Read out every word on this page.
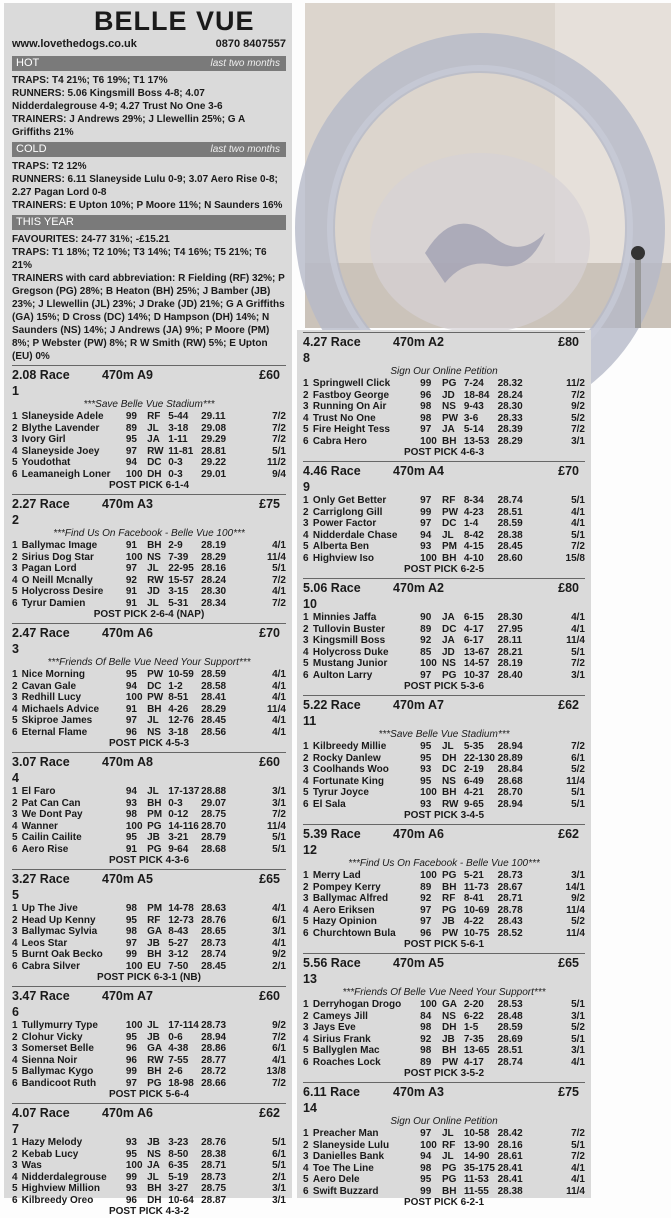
BELLE VUE
www.lovethedogs.co.uk	0870 8407557
HOT	last two months
TRAPS: T4 21%; T6 19%; T1 17%
RUNNERS: 5.06 Kingsmill Boss 4-8; 4.07 Nidderdalegrouse 4-9; 4.27 Trust No One 3-6
TRAINERS: J Andrews 29%; J Llewellin 25%; G A Griffiths 21%
COLD	last two months
TRAPS: T2 12%
RUNNERS: 6.11 Slaneyside Lulu 0-9; 3.07 Aero Rise 0-8; 2.27 Pagan Lord 0-8
TRAINERS: E Upton 10%; P Moore 11%; N Saunders 16%
THIS YEAR
FAVOURITES: 24-77 31%; -£15.21
TRAPS: T1 18%; T2 10%; T3 14%; T4 16%; T5 21%; T6 21%
TRAINERS with card abbreviation: R Fielding (RF) 32%; P Gregson (PG) 28%; B Heaton (BH) 25%; J Bamber (JB) 23%; J Llewellin (JL) 23%; J Drake (JD) 21%; G A Griffiths (GA) 15%; D Cross (DC) 14%; D Hampson (DH) 14%; N Saunders (NS) 14%; J Andrews (JA) 9%; P Moore (PM) 8%; P Webster (PW) 8%; R W Smith (RW) 5%; E Upton (EU) 0%
2.08 Race 1
470m A9	£60
***Save Belle Vue Stadium***
1 Slaneyside Adele	99	RF 5-44	29.11	7/2
2 Blythe Lavender	89	JL 3-18	29.08	7/2
3 Ivory Girl	95	JA 1-11	29.29	7/2
4 Slaneyside Joey	97	RW 11-81 28.81	5/1
5 Youdothat	94	DC 0-3	29.22	11/2
6 Leamaneigh Loner	100 DH 0-3	29.01	9/4
POST PICK 6-1-4
2.27 Race 2
470m A3	£75
***Find Us On Facebook - Belle Vue 100***
1 Ballymac Image	91	BH 2-9	28.19	4/1
2 Sirius Dog Star	100 NS 7-39	28.29	11/4
3 Pagan Lord	97	JL 22-95 28.16	5/1
4 O Neill Mcnally	92	RW 15-57 28.24	7/2
5 Holycross Desire	91	JD 3-15	28.30	4/1
6 Tyrur Damien	91	JL 5-31	28.34	7/2
POST PICK 2-6-4 (NAP)
2.47 Race 3
470m A6	£70
***Friends Of Belle Vue Need Your Support***
1 Nice Morning	95	PW 10-59 28.59	4/1
2 Cavan Gale	94	DC 1-2	28.58	4/1
3 Redhill Lucy	100 PW 8-51	28.41	4/1
4 Michaels Advice	91	BH 4-26	28.29	11/4
5 Skiproe James	97	JL 12-76 28.45	4/1
6 Eternal Flame	96	NS 3-18	28.56	4/1
POST PICK 4-5-3
3.07 Race 4
470m A8	£60
1 El Faro	94	JL 17-137 28.88	3/1
2 Pat Can Can	93	BH 0-3	29.07	3/1
3 We Dont Pay	98	PM 0-12	28.75	7/2
4 Wanner	100 PG 14-116 28.70	11/4
5 Cailin Cailite	95	JB 3-21	28.79	5/1
6 Aero Rise	91	PG 9-64	28.68	5/1
POST PICK 4-3-6
3.27 Race 5
470m A5	£65
1 Up The Jive	98	PM 14-78 28.63	4/1
2 Head Up Kenny	95	RF 12-73 28.76	6/1
3 Ballymac Sylvia	98	GA 8-43	28.65	3/1
4 Leos Star	97	JB 5-27	28.73	4/1
5 Burnt Oak Becko	99	BH 3-12	28.74	9/2
6 Cabra Silver	100 EU 7-50	28.45	2/1
POST PICK 6-3-1 (NB)
3.47 Race 6
470m A7	£60
1 Tullymurry Type	100 JL 17-114 28.73	9/2
2 Clohur Vicky	95	JB 0-6	28.94	7/2
3 Somerset Belle	96	GA 4-38	28.86	6/1
4 Sienna Noir	96	RW 7-55	28.77	4/1
5 Ballymac Kygo	99	BH 2-6	28.72	13/8
6 Bandicoot Ruth	97	PG 18-98 28.66	7/2
POST PICK 5-6-4
4.07 Race 7
470m A6	£62
1 Hazy Melody	93	JB 3-23	28.76	5/1
2 Kebab Lucy	95	NS 8-50	28.38	6/1
3 Was	100 JA 6-35	28.71	5/1
4 Nidderdalegrouse	99	JL 5-19	28.73	2/1
5 Highview Million	93	BH 3-27	28.75	3/1
6 Kilbreedy Oreo	96	DH 10-64 28.87	3/1
POST PICK 4-3-2
4.27 Race 8
470m A2	£80
Sign Our Online Petition
1 Springwell Click	99	PG 7-24	28.32	11/2
2 Fastboy George	96	JD 18-84 28.24	7/2
3 Running On Air	98	NS 9-43	28.30	9/2
4 Trust No One	98	PW 3-6	28.33	5/2
5 Fire Height Tess	97	JA 5-14	28.39	7/2
6 Cabra Hero	100 BH 13-53 28.29	3/1
POST PICK 4-6-3
4.46 Race 9
470m A4	£70
1 Only Get Better	97	RF 8-34	28.74	5/1
2 Carriglong Gill	99	PW 4-23	28.51	4/1
3 Power Factor	97	DC 1-4	28.59	4/1
4 Nidderdale Chase	94	JL	8-42	28.38	5/1
5 Alberta Ben	93	PM 4-15	28.45	7/2
6 Highview Iso	100 BH 4-10	28.60	15/8
POST PICK 6-2-5
5.06 Race 10
470m A2	£80
1 Minnies Jaffa	90	JA 6-15	28.30	4/1
2 Tullovin Buster	89	DC 4-17	27.95	4/1
3 Kingsmill Boss	92	JA 6-17	28.11	11/4
4 Holycross Duke	85	JD 13-67 28.21	5/1
5 Mustang Junior	100 NS 14-57 28.19	7/2
6 Aulton Larry	97	PG 10-37 28.40	3/1
POST PICK 5-3-6
5.22 Race 11
470m A7	£62
***Save Belle Vue Stadium***
1 Kilbreedy Millie	95	JL	5-35	28.94	7/2
2 Rocky Danlew	95	DH 22-130 28.89	6/1
3 Coolhands Woo	93	DC 2-19	28.84	5/2
4 Fortunate King	95	NS 6-49	28.68	11/4
5 Tyrur Joyce	100 BH 4-21	28.70	5/1
6 El Sala	93	RW 9-65	28.94	5/1
POST PICK 3-4-5
5.39 Race 12
470m A6	£62
***Find Us On Facebook - Belle Vue 100***
1 Merry Lad	100 PG 5-21	28.73	3/1
2 Pompey Kerry	89	BH 11-73 28.67	14/1
3 Ballymac Alfred	92	RF 8-41	28.71	9/2
4 Aero Eriksen	97	PG 10-69 28.78	11/4
5 Hazy Opinion	97	JB 4-22	28.43	5/2
6 Churchtown Bula	96	PW 10-75 28.52	11/4
POST PICK 5-6-1
5.56 Race 13
470m A5	£65
***Friends Of Belle Vue Need Your Support***
1 Derryhogan Drogo	100 GA 2-20	28.53	5/1
2 Cameys Jill	84	NS 6-22	28.48	3/1
3 Jays Eve	98	DH 1-5	28.59	5/2
4 Sirius Frank	92	JB 7-35	28.69	5/1
5 Ballyglen Mac	98	BH 13-65 28.51	3/1
6 Roaches Lock	89	PW 4-17	28.74	4/1
POST PICK 3-5-2
6.11 Race 14
470m A3	£75
Sign Our Online Petition
1 Preacher Man	97	JL	10-58 28.42	7/2
2 Slaneyside Lulu	100 RF 13-90 28.16	5/1
3 Danielles Bank	94	JL	14-90 28.61	7/2
4 Toe The Line	98	PG 35-175 28.41	4/1
5 Aero Dele	95	PG 11-53 28.41	4/1
6 Swift Buzzard	99	BH 11-55 28.38	11/4
POST PICK 6-2-1
